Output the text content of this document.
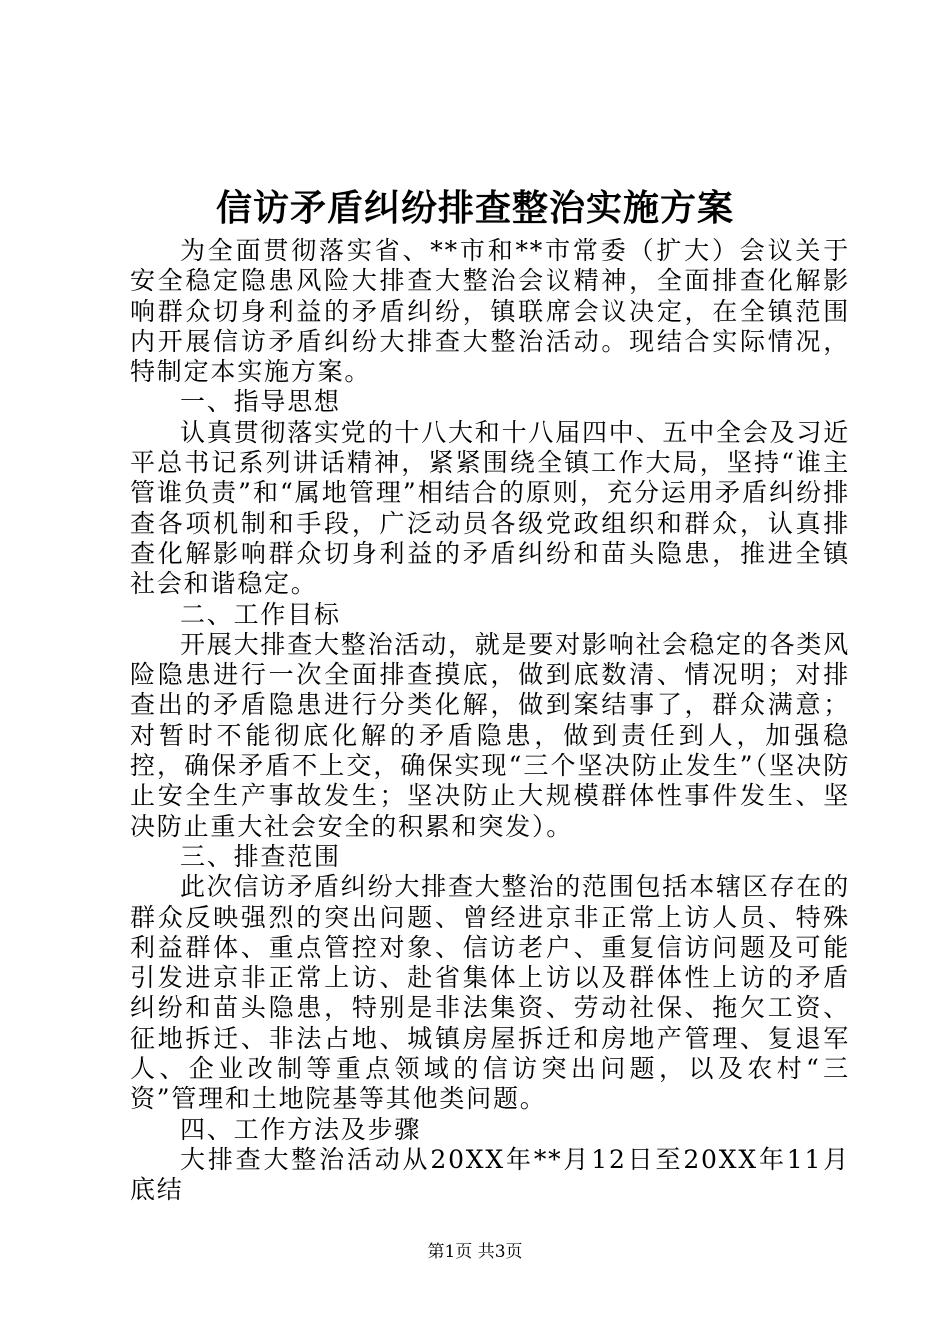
信访矛盾纠纷排查整治实施方案

为全面贯彻落实省、**市和**市常委（扩大）会议关于安全稳定隐患风险大排查大整治会议精神，全面排查化解影响群众切身利益的矛盾纠纷，镇联席会议决定，在全镇范围内开展信访矛盾纠纷大排查大整治活动。现结合实际情况，特制定本实施方案。

一、指导思想

认真贯彻落实党的十八大和十八届四中、五中全会及习近平总书记系列讲话精神，紧紧围绕全镇工作大局，坚持“谁主管谁负责”和“属地管理”相结合的原则，充分运用矛盾纠纷排查各项机制和手段，广泛动员各级党政组织和群众，认真排查化解影响群众切身利益的矛盾纠纷和苗头隐患，推进全镇社会和谐稳定。

二、工作目标

开展大排查大整治活动，就是要对影响社会稳定的各类风险隐患进行一次全面排查摸底，做到底数清、情况明；对排查出的矛盾隐患进行分类化解，做到案结事了，群众满意；对暂时不能彻底化解的矛盾隐患，做到责任到人，加强稳控，确保矛盾不上交，确保实现“三个坚决防止发生”（坚决防止安全生产事故发生；坚决防止大规模群体性事件发生、坚决防止重大社会安全的积累和突发）。

三、排查范围

此次信访矛盾纠纷大排查大整治的范围包括本辖区存在的群众反映强烈的突出问题、曾经进京非正常上访人员、特殊利益群体、重点管控对象、信访老户、重复信访问题及可能引发进京非正常上访、赴省集体上访以及群体性上访的矛盾纠纷和苗头隐患，特别是非法集资、劳动社保、拖欠工资、征地拆迁、非法占地、城镇房屋拆迁和房地产管理、复退军人、企业改制等重点领域的信访突出问题，以及农村“三资”管理和土地院基等其他类问题。

四、工作方法及步骤

大排查大整治活动从20XX年**月12日至20XX年11月底结

第1页 共3页
